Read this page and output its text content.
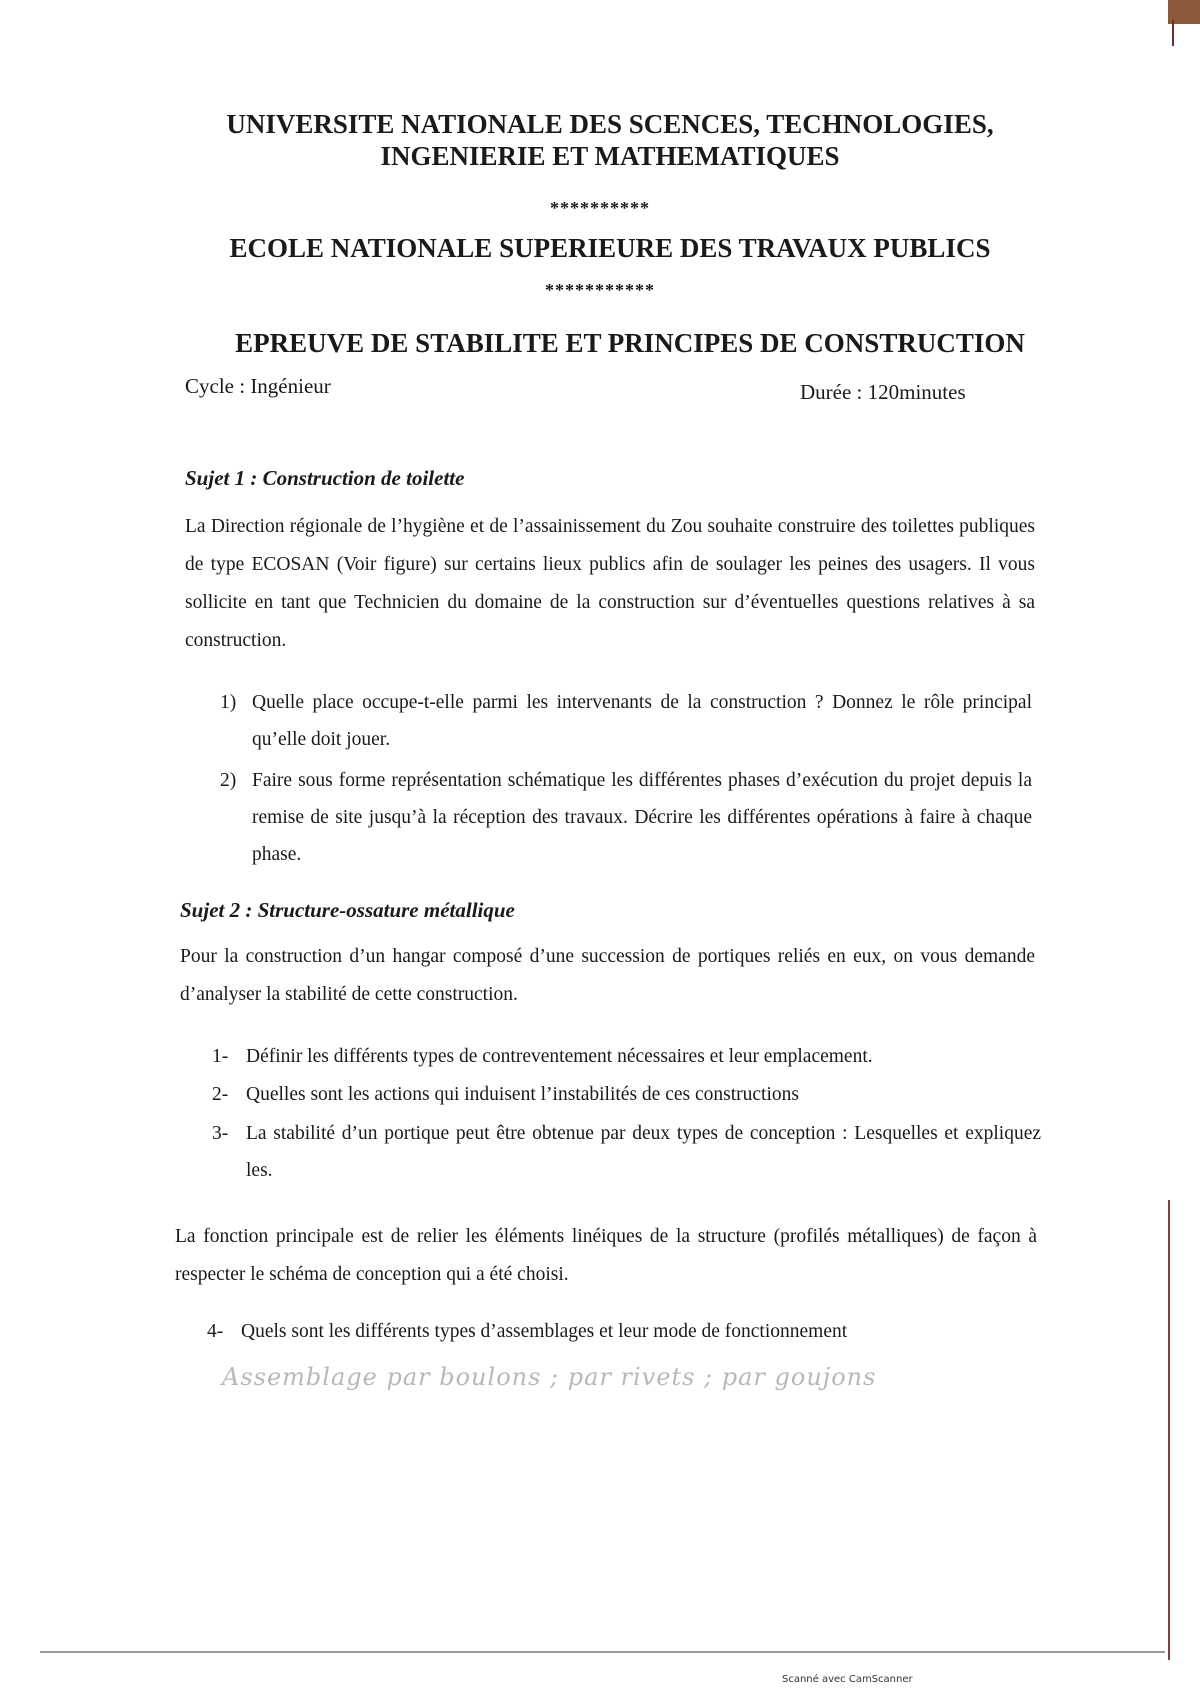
UNIVERSITE NATIONALE DES SCENCES, TECHNOLOGIES,
INGENIERIE ET MATHEMATIQUES
**********
ECOLE NATIONALE SUPERIEURE DES TRAVAUX PUBLICS
***********
EPREUVE DE STABILITE ET PRINCIPES DE CONSTRUCTION
Cycle : Ingénieur	Durée : 120minutes
Sujet 1 : Construction de toilette
La Direction régionale de l’hygiène et de l’assainissement du Zou souhaite construire des toilettes publiques de type ECOSAN (Voir figure) sur certains lieux publics afin de soulager les peines des usagers. Il vous sollicite en tant que Technicien du domaine de la construction sur d’éventuelles questions relatives à sa construction.
1) Quelle place occupe-t-elle parmi les intervenants de la construction ? Donnez le rôle principal qu’elle doit jouer.
2) Faire sous forme représentation schématique les différentes phases d’exécution du projet depuis la remise de site jusqu’à la réception des travaux. Décrire les différentes opérations à faire à chaque phase.
Sujet 2 : Structure-ossature métallique
Pour la construction d’un hangar composé d’une succession de portiques reliés en eux, on vous demande d’analyser la stabilité de cette construction.
1- Définir les différents types de contreventement nécessaires et leur emplacement.
2- Quelles sont les actions qui induisent l’instabilités de ces constructions
3- La stabilité d’un portique peut être obtenue par deux types de conception : Lesquelles et expliquez les.
La fonction principale est de relier les éléments linéiques de la structure (profilés métalliques) de façon à respecter le schéma de conception qui a été choisi.
4- Quels sont les différents types d’assemblages et leur mode de fonctionnement
Assemblage par boulons ; par rivets ; par goujons
Scanné avec CamScanner
